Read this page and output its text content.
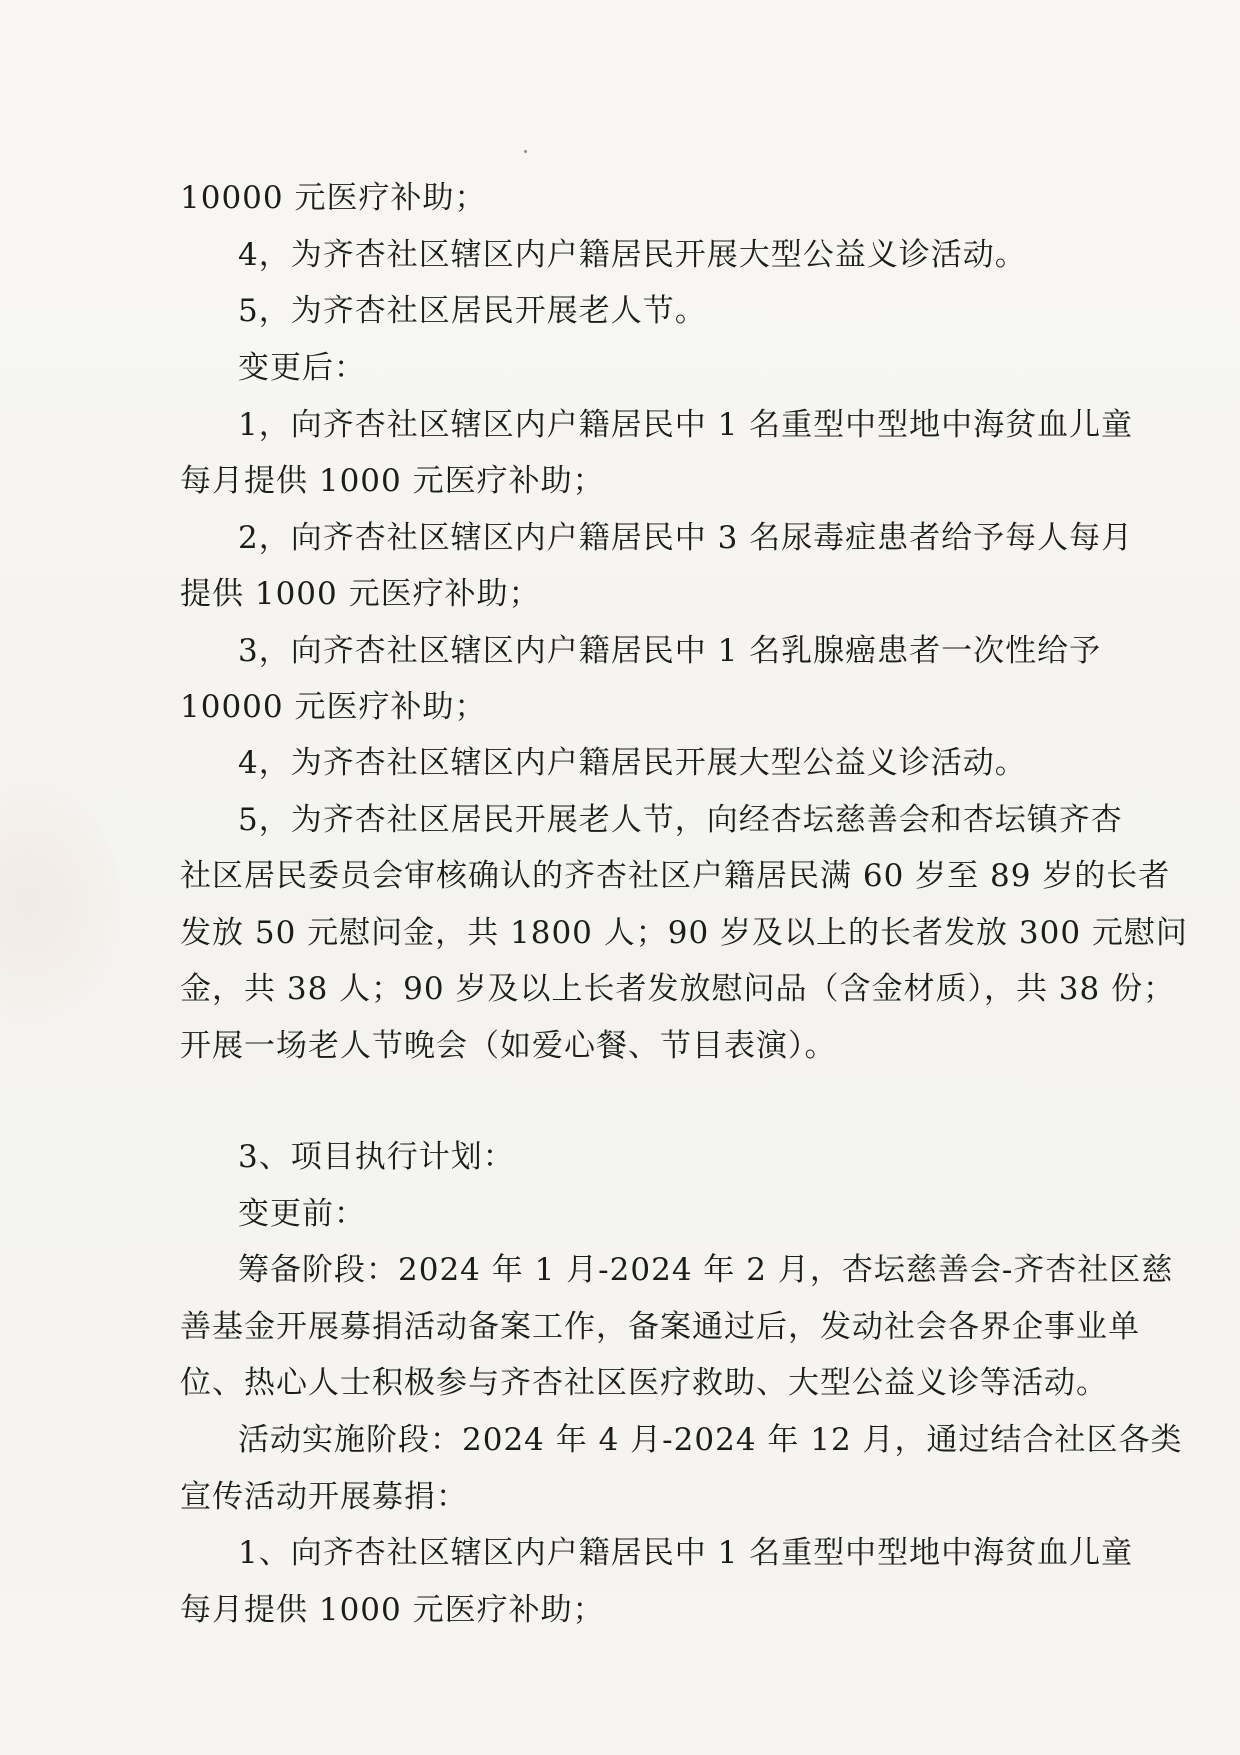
10000 元医疗补助；
4，为齐杏社区辖区内户籍居民开展大型公益义诊活动。
5，为齐杏社区居民开展老人节。
变更后：
1，向齐杏社区辖区内户籍居民中 1 名重型中型地中海贫血儿童
每月提供 1000 元医疗补助；
2，向齐杏社区辖区内户籍居民中 3 名尿毒症患者给予每人每月
提供 1000 元医疗补助；
3，向齐杏社区辖区内户籍居民中 1 名乳腺癌患者一次性给予
10000 元医疗补助；
4，为齐杏社区辖区内户籍居民开展大型公益义诊活动。
5，为齐杏社区居民开展老人节，向经杏坛慈善会和杏坛镇齐杏
社区居民委员会审核确认的齐杏社区户籍居民满 60 岁至 89 岁的长者
发放 50 元慰问金，共 1800 人；90 岁及以上的长者发放 300 元慰问
金，共 38 人；90 岁及以上长者发放慰问品（含金材质），共 38 份；
开展一场老人节晚会（如爱心餐、节目表演）。
3、项目执行计划：
变更前：
筹备阶段：2024 年 1 月-2024 年 2 月，杏坛慈善会-齐杏社区慈
善基金开展募捐活动备案工作，备案通过后，发动社会各界企事业单
位、热心人士积极参与齐杏社区医疗救助、大型公益义诊等活动。
活动实施阶段：2024 年 4 月-2024 年 12 月，通过结合社区各类
宣传活动开展募捐：
1、向齐杏社区辖区内户籍居民中 1 名重型中型地中海贫血儿童
每月提供 1000 元医疗补助；
